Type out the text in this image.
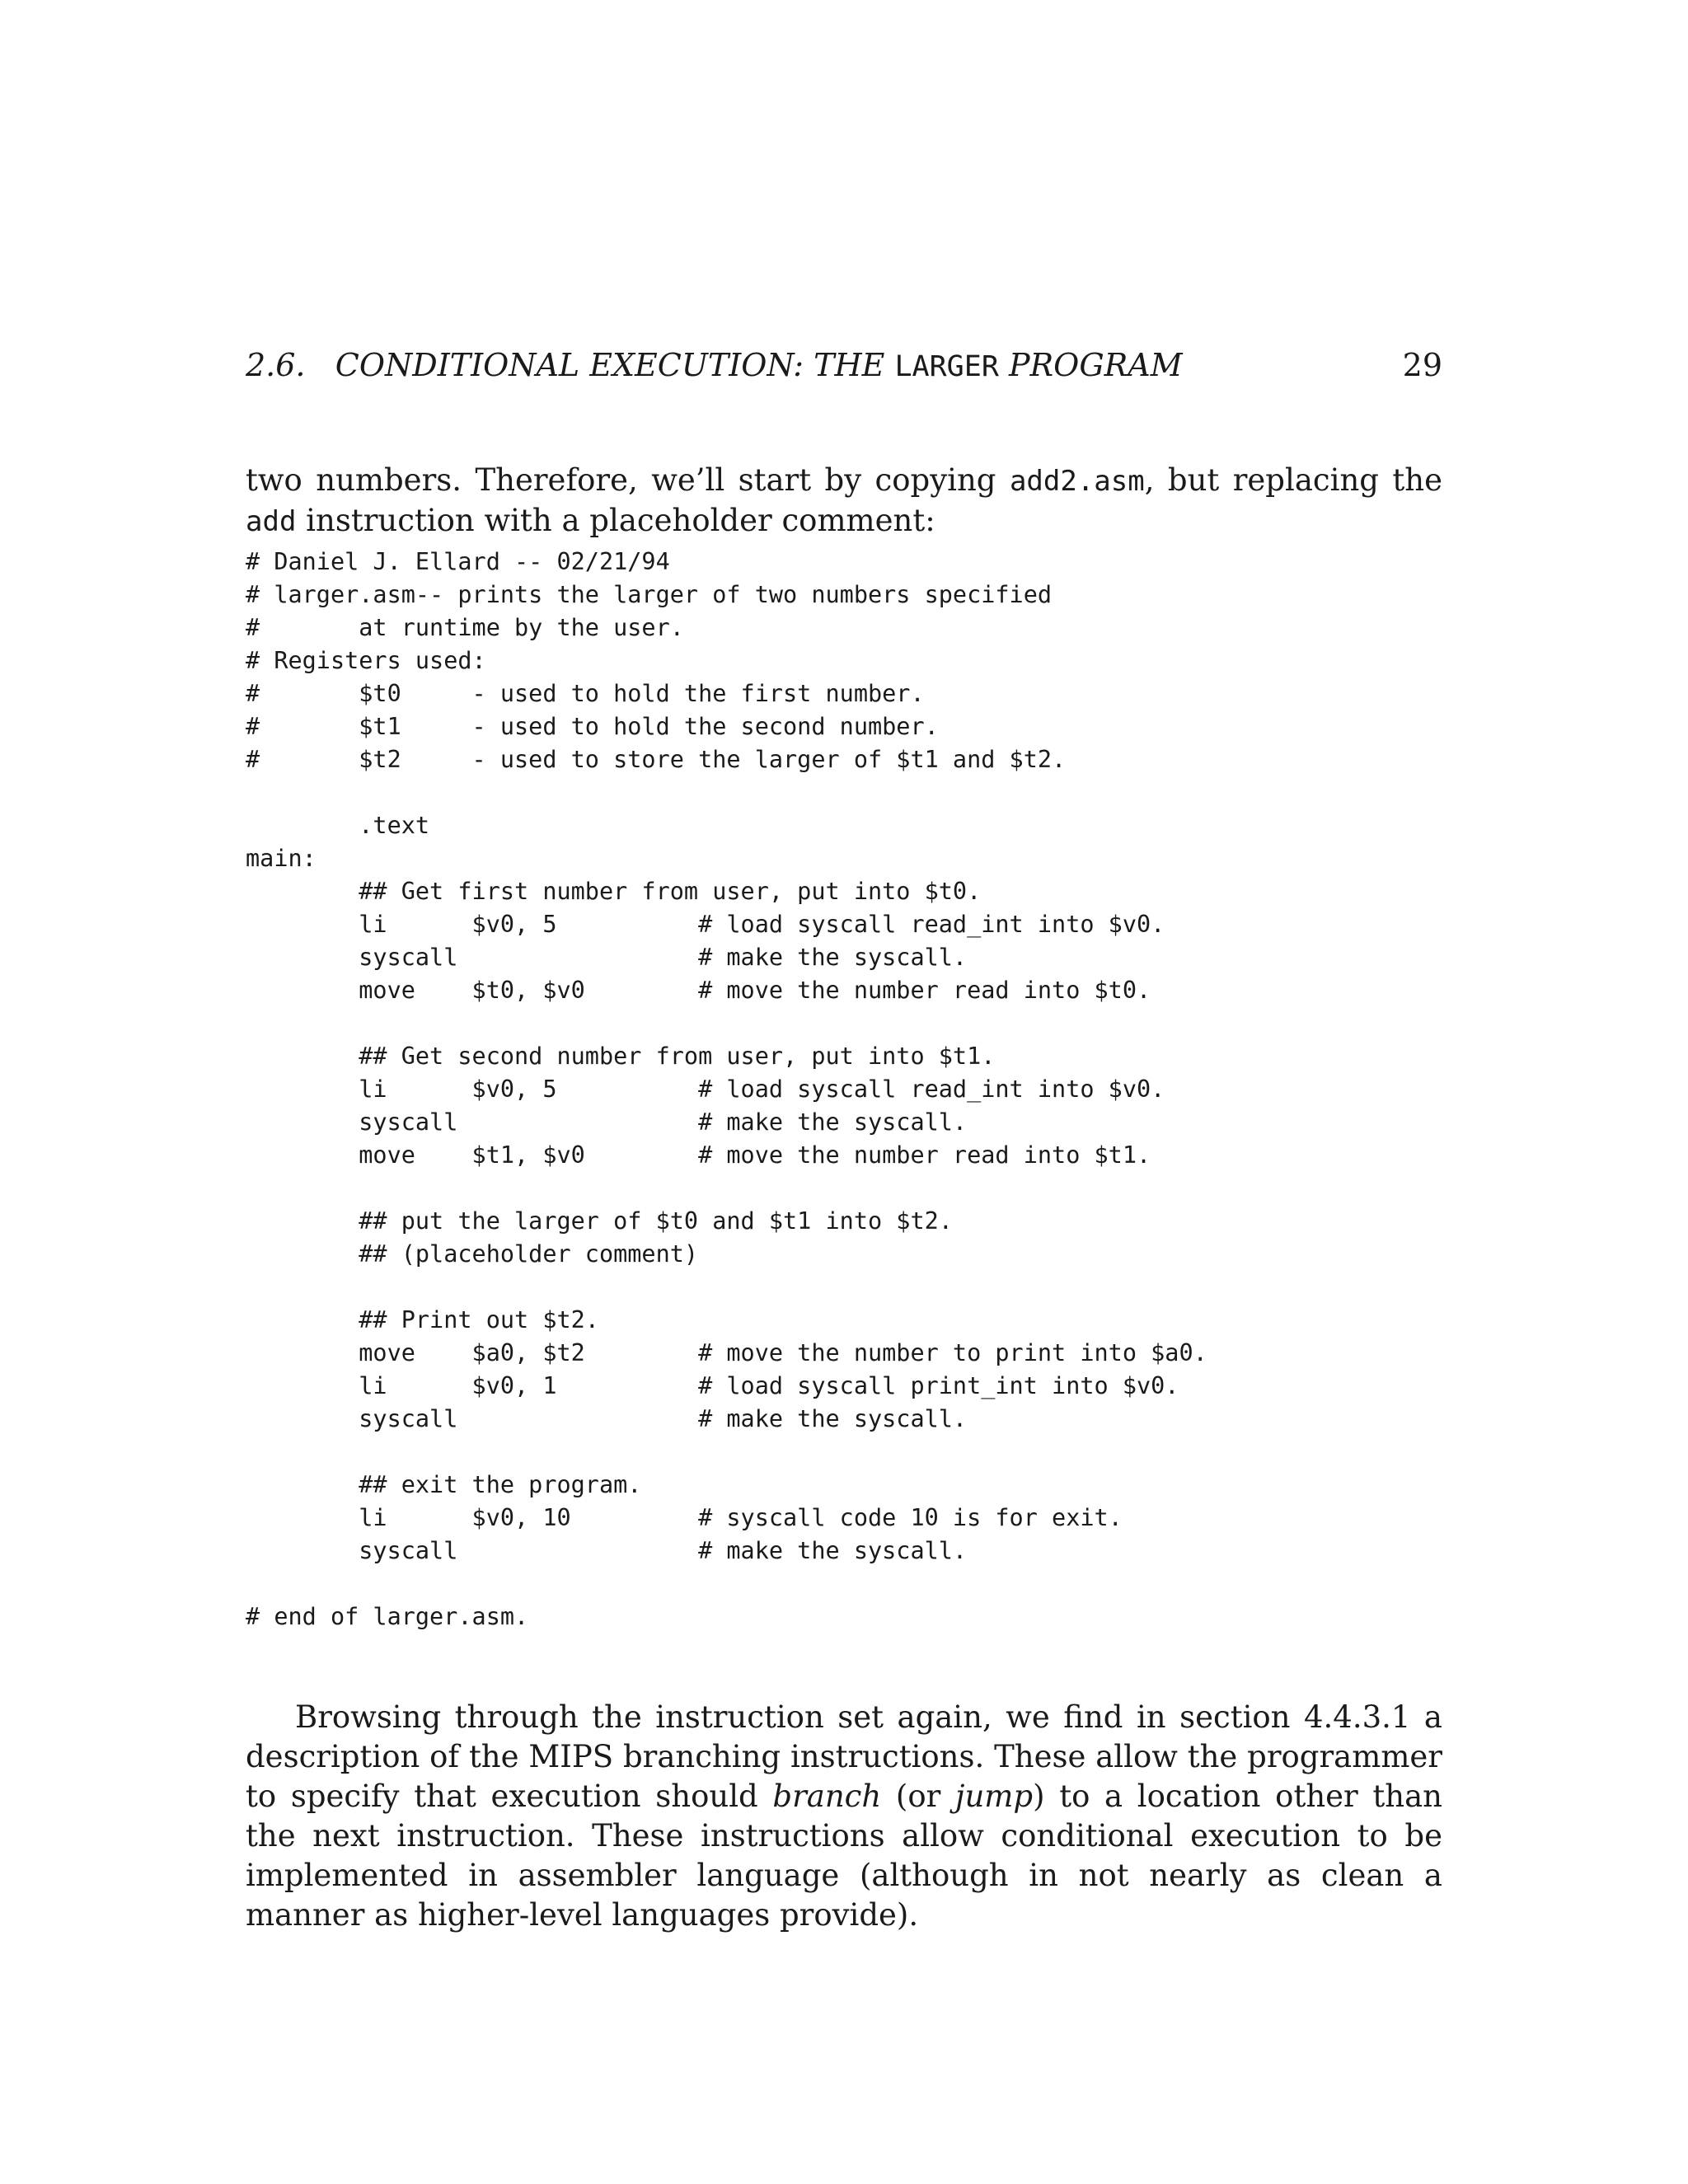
2.6. CONDITIONAL EXECUTION: THE LARGER PROGRAM	29

two numbers. Therefore, we’ll start by copying add2.asm, but replacing the add instruction with a placeholder comment:

# Daniel J. Ellard -- 02/21/94
# larger.asm-- prints the larger of two numbers specified
#       at runtime by the user.
# Registers used:
#       $t0     - used to hold the first number.
#       $t1     - used to hold the second number.
#       $t2     - used to store the larger of $t1 and $t2.

.text
main:
## Get first number from user, put into $t0.
li      $v0, 5          # load syscall read_int into $v0.
syscall                 # make the syscall.
move    $t0, $v0        # move the number read into $t0.

## Get second number from user, put into $t1.
li      $v0, 5          # load syscall read_int into $v0.
syscall                 # make the syscall.
move    $t1, $v0        # move the number read into $t1.

## put the larger of $t0 and $t1 into $t2.
## (placeholder comment)

## Print out $t2.
move    $a0, $t2        # move the number to print into $a0.
li      $v0, 1          # load syscall print_int into $v0.
syscall                 # make the syscall.

## exit the program.
li      $v0, 10         # syscall code 10 is for exit.
syscall                 # make the syscall.

# end of larger.asm.

Browsing through the instruction set again, we find in section 4.4.3.1 a description of the MIPS branching instructions. These allow the programmer to specify that execution should branch (or jump) to a location other than the next instruction. These instructions allow conditional execution to be implemented in assembler language (although in not nearly as clean a manner as higher-level languages provide).
